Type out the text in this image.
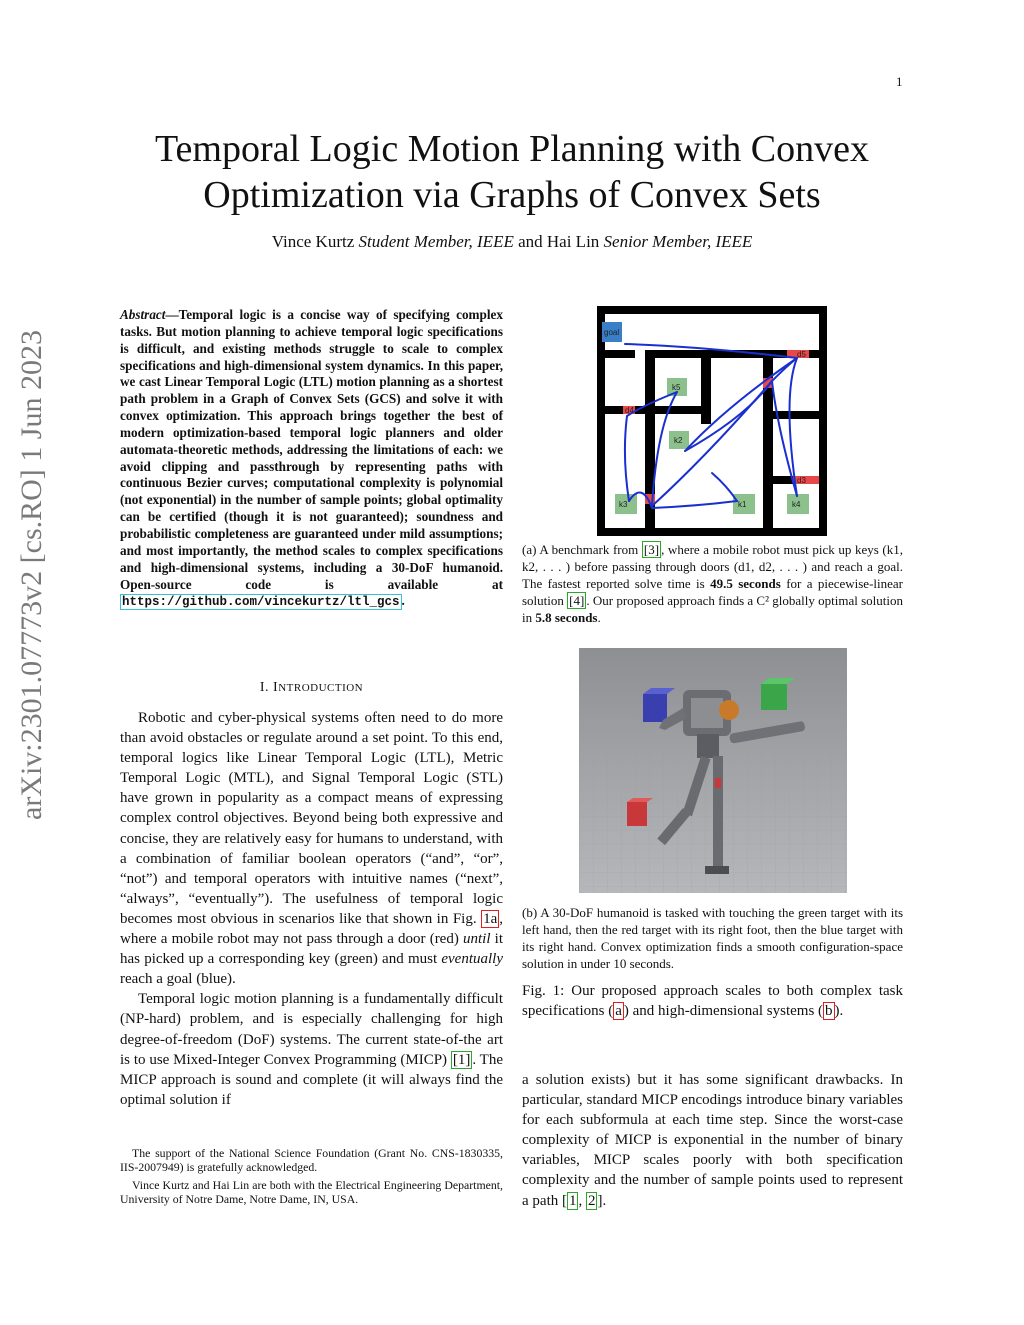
1
Temporal Logic Motion Planning with Convex
Optimization via Graphs of Convex Sets
Vince Kurtz Student Member, IEEE and Hai Lin Senior Member, IEEE
arXiv:2301.07773v2 [cs.RO] 1 Jun 2023
Abstract—Temporal logic is a concise way of specifying complex tasks. But motion planning to achieve temporal logic specifications is difficult, and existing methods struggle to scale to complex specifications and high-dimensional system dynamics. In this paper, we cast Linear Temporal Logic (LTL) motion planning as a shortest path problem in a Graph of Convex Sets (GCS) and solve it with convex optimization. This approach brings together the best of modern optimization-based temporal logic planners and older automata-theoretic methods, addressing the limitations of each: we avoid clipping and passthrough by representing paths with continuous Bezier curves; computational complexity is polynomial (not exponential) in the number of sample points; global optimality can be certified (though it is not guaranteed); soundness and probabilistic completeness are guaranteed under mild assumptions; and most importantly, the method scales to complex specifications and high-dimensional systems, including a 30-DoF humanoid. Open-source code is available at https://github.com/vincekurtz/ltl_gcs .
I. INTRODUCTION

Robotic and cyber-physical systems often need to do more than avoid obstacles or regulate around a set point. To this end, temporal logics like Linear Temporal Logic (LTL), Metric Temporal Logic (MTL), and Signal Temporal Logic (STL) have grown in popularity as a compact means of expressing complex control objectives. Beyond being both expressive and concise, they are relatively easy for humans to understand, with a combination of familiar boolean operators (“and”, “or”, “not”) and temporal operators with intuitive names (“next”, “always”, “eventually”). The usefulness of temporal logic becomes most obvious in scenarios like that shown in Fig. 1a , where a mobile robot may not pass through a door (red) until it has picked up a corresponding key (green) and must eventually reach a goal (blue).

Temporal logic motion planning is a fundamentally difficult (NP-hard) problem, and is especially challenging for high degree-of-freedom (DoF) systems. The current state-of-the art is to use Mixed-Integer Convex Programming (MICP) [1] . The MICP approach is sound and complete (it will always find the optimal solution if

The support of the National Science Foundation (Grant No. CNS-1830335, IIS-2007949) is gratefully acknowledged.

Vince Kurtz and Hai Lin are both with the Electrical Engineering Department, University of Notre Dame, Notre Dame, IN, USA.

goal
k5
k2
k3	k1	k4
d5
d4
d3
(a) A benchmark from [3] , where a mobile robot must pick up keys (k1, k2, . . . ) before passing through doors (d1, d2, . . . ) and reach a goal. The fastest reported solve time is 49.5 seconds for a piecewise-linear solution [4] . Our proposed approach finds a C² globally optimal solution in 5.8 seconds.
(b) A 30-DoF humanoid is tasked with touching the green target with its left hand, then the red target with its right foot, then the blue target with its right hand. Convex optimization finds a smooth configuration-space solution in under 10 seconds.
Fig. 1: Our proposed approach scales to both complex task specifications ( a ) and high-dimensional systems ( b ).

a solution exists) but it has some significant drawbacks. In particular, standard MICP encodings introduce binary variables for each subformula at each time step. Since the worst-case complexity of MICP is exponential in the number of binary variables, MICP scales poorly with both specification complexity and the number of sample points used to represent a path [ 1 , 2 ].
